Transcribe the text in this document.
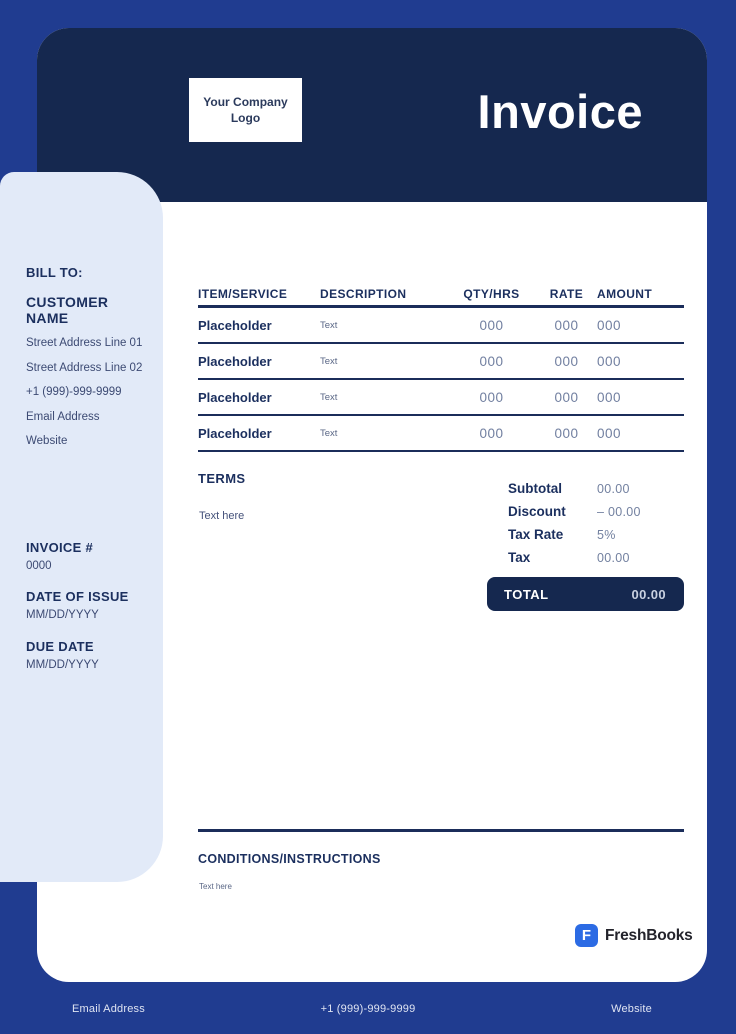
Your Company Logo	Invoice
ITEM/SERVICE	DESCRIPTION	QTY/HRS	RATE	AMOUNT
Placeholder	Text	000	000	000
Placeholder	Text	000	000	000
Placeholder	Text	000	000	000
Placeholder	Text	000	000	000
TERMS
Text here
Subtotal	00.00
Discount	– 00.00
Tax Rate	5%
Tax	00.00
TOTAL	00.00
CONDITIONS/INSTRUCTIONS
Text here
F FreshBooks
BILL TO:
CUSTOMER NAME
Street Address Line 01
Street Address Line 02
+1 (999)-999-9999
Email Address
Website
INVOICE #
0000
DATE OF ISSUE
MM/DD/YYYY
DUE DATE
MM/DD/YYYY
Email Address	+1 (999)-999-9999	Website
